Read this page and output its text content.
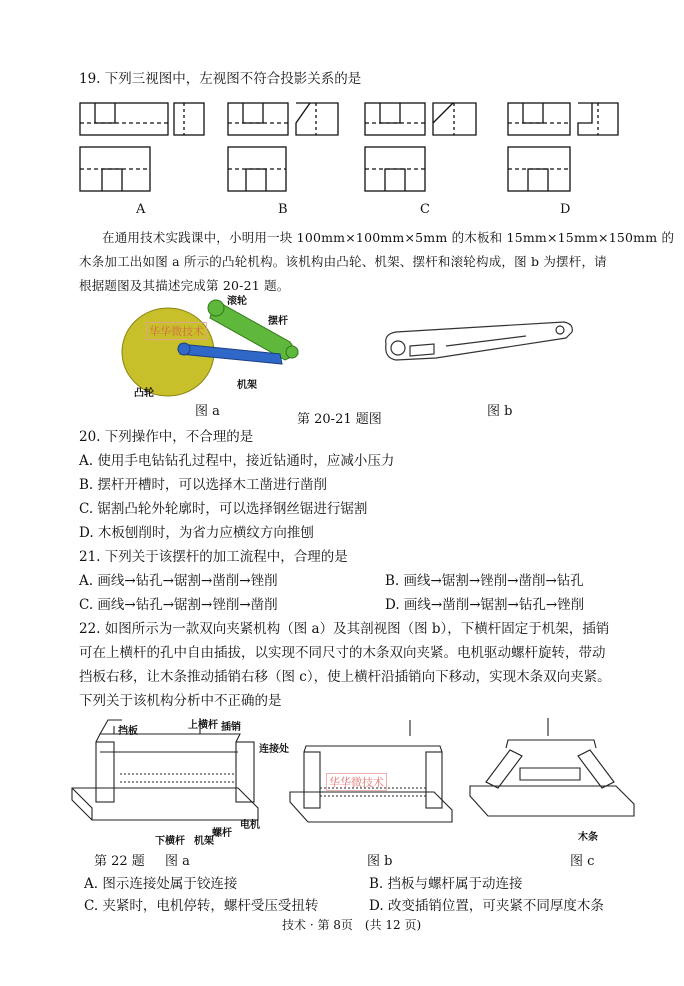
19. 下列三视图中，左视图不符合投影关系的是
A	B	C	D
在通用技术实践课中，小明用一块 100mm×100mm×5mm 的木板和 15mm×15mm×150mm 的
木条加工出如图 a 所示的凸轮机构。该机构由凸轮、机架、摆杆和滚轮构成，图 b 为摆杆，请
根据题图及其描述完成第 20-21 题。
滚轮
摆杆
凸轮
机架
华华微技术
图 a
第 20-21 题图
图 b
20. 下列操作中，不合理的是
A. 使用手电钻钻孔过程中，接近钻通时，应减小压力
B. 摆杆开槽时，可以选择木工凿进行凿削
C. 锯割凸轮外轮廓时，可以选择钢丝锯进行锯割
D. 木板刨削时，为省力应横纹方向推刨
21. 下列关于该摆杆的加工流程中，合理的是
A. 画线→钻孔→锯割→凿削→锉削	B. 画线→锯割→锉削→凿削→钻孔
C. 画线→钻孔→锯割→锉削→凿削	D. 画线→凿削→锯割→钻孔→锉削
22. 如图所示为一款双向夹紧机构（图 a）及其剖视图（图 b），下横杆固定于机架，插销
可在上横杆的孔中自由插拔，以实现不同尺寸的木条双向夹紧。电机驱动螺杆旋转，带动
挡板右移，让木条推动插销右移（图 c），使上横杆沿插销向下移动，实现木条双向夹紧。
下列关于该机构分析中不正确的是
挡板
上横杆 插销
连接处
下横杆 机架
螺杆
电机
木条
华华微技术
第 22 题 图 a	图 b	图 c
A. 图示连接处属于铰连接	B. 挡板与螺杆属于动连接
C. 夹紧时，电机停转，螺杆受压受扭转	D. 改变插销位置，可夹紧不同厚度木条
技术 · 第 8页　(共 12 页)
